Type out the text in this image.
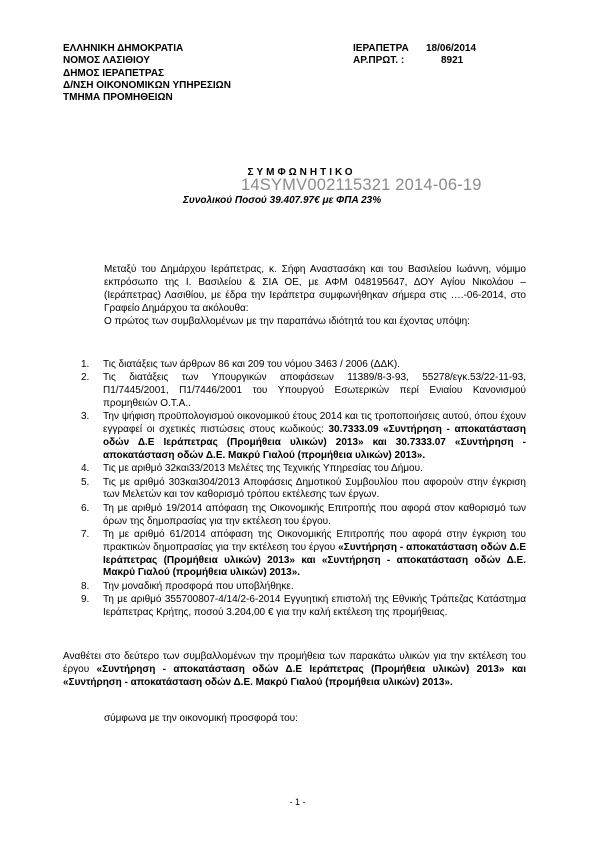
ΕΛΛΗΝΙΚΗ ΔΗΜΟΚΡΑΤΙΑ
ΝΟΜΟΣ ΛΑΣΙΘΙΟΥ
ΔΗΜΟΣ ΙΕΡΑΠΕΤΡΑΣ
Δ/ΝΣΗ ΟΙΚΟΝΟΜΙΚΩΝ ΥΠΗΡΕΣΙΩΝ
ΤΜΗΜΑ ΠΡΟΜΗΘΕΙΩΝ
ΙΕΡΑΠΕΤΡΑ	18/06/2014
ΑΡ.ΠΡΩΤ. :	8921
ΣΥΜΦΩΝΗΤΙΚΟ
14SYMV002115321 2014-06-19
Συνολικού Ποσού 39.407.97€ με ΦΠΑ 23%

Μεταξύ του Δημάρχου Ιεράπετρας, κ. Σήφη Αναστασάκη και του Βασιλείου Ιωάννη, νόμιμο εκπρόσωπο της Ι. Βασιλείου & ΣΙΑ ΟΕ, με ΑΦΜ 048195647, ΔΟΥ Αγίου Νικολάου –(Ιεράπετρας) Λασιθίου, με έδρα την Ιεράπετρα συμφωνήθηκαν σήμερα στις ….-06-2014, στο Γραφείο Δημάρχου τα ακόλουθα:

Ο πρώτος των συμβαλλομένων με την παραπάνω ιδιότητά του και έχοντας υπόψη:

1.	Τις διατάξεις των άρθρων 86 και 209 του νόμου 3463 / 2006 (ΔΔΚ).
2.	Τις διατάξεις των Υπουργικών αποφάσεων 11389/8-3-93, 55278/εγκ.53/22-11-93, Π1/7445/2001, Π1/7446/2001 του Υπουργού Εσωτερικών περί Ενιαίου Κανονισμού προμηθειών Ο.Τ.Α..
3.	Την ψήφιση προϋπολογισμού οικονομικού έτους 2014 και τις τροποποιήσεις αυτού, όπου έχουν εγγραφεί οι σχετικές πιστώσεις στους κωδικούς: 30.7333.09 «Συντήρηση - αποκατάσταση οδών Δ.Ε Ιεράπετρας (Προμήθεια υλικών) 2013» και 30.7333.07 «Συντήρηση - αποκατάσταση οδών Δ.Ε. Μακρύ Γιαλού (προμήθεια υλικών) 2013».
4.	Τις με αριθμό 32και33/2013 Μελέτες της Τεχνικής Υπηρεσίας του Δήμου.
5.	Τις με αριθμό 303και304/2013 Αποφάσεις Δημοτικού Συμβουλίου που αφορούν στην έγκριση των Μελετών και τον καθορισμό τρόπου εκτέλεσης των έργων.
6.	Τη με αριθμό 19/2014 απόφαση της Οικονομικής Επιτροπής που αφορά στον καθορισμό των όρων της δημοπρασίας για την εκτέλεση του έργου.
7.	Τη με αριθμό 61/2014 απόφαση της Οικονομικής Επιτροπής που αφορά στην έγκριση του πρακτικών δημοπρασίας για την εκτέλεση του έργου «Συντήρηση - αποκατάσταση οδών Δ.Ε Ιεράπετρας (Προμήθεια υλικών) 2013» και «Συντήρηση - αποκατάσταση οδών Δ.Ε. Μακρύ Γιαλού (προμήθεια υλικών) 2013».
8.	Την μοναδική προσφορά που υποβλήθηκε.
9.	Τη με αριθμό 355700807-4/14/2-6-2014 Εγγυητική επιστολή της Εθνικής Τράπεζας Κατάστημα Ιεράπετρας Κρήτης, ποσού 3.204,00 € για την καλή εκτέλεση της προμήθειας.
Αναθέτει στο δεύτερο των συμβαλλομένων την προμήθεια των παρακάτω υλικών για την εκτέλεση του έργου «Συντήρηση - αποκατάσταση οδών Δ.Ε Ιεράπετρας (Προμήθεια υλικών) 2013» και «Συντήρηση - αποκατάσταση οδών Δ.Ε. Μακρύ Γιαλού (προμήθεια υλικών) 2013».
σύμφωνα με την οικονομική προσφορά του:
- 1 -
